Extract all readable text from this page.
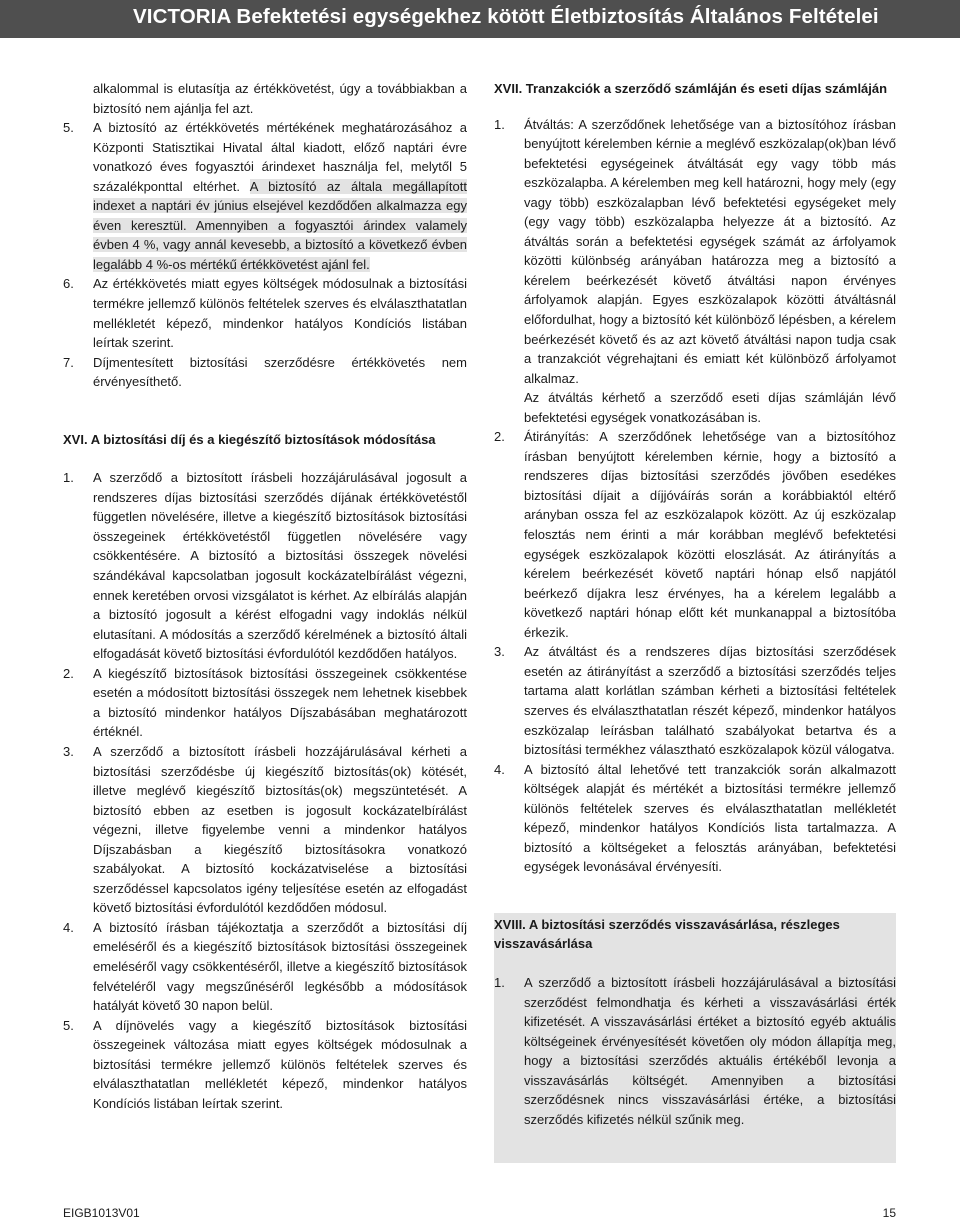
VICTORIA Befektetési egységekhez kötött Életbiztosítás Általános Feltételei
alkalommal is elutasítja az értékkövetést, úgy a továbbiakban a biztosító nem ajánlja fel azt.
5.	A biztosító az értékkövetés mértékének meghatározásához a Központi Statisztikai Hivatal által kiadott, előző naptári évre vonatkozó éves fogyasztói árindexet használja fel, melytől 5 százalékponttal eltérhet. A biztosító az általa megállapított indexet a naptári év június elsejével kezdődően alkalmazza egy éven keresztül. Amennyiben a fogyasztói árindex valamely évben 4 %, vagy annál kevesebb, a biztosító a következő évben legalább 4 %-os mértékű értékkövetést ajánl fel.
6.	Az értékkövetés miatt egyes költségek módosulnak a biztosítási termékre jellemző különös feltételek szerves és elválaszthatatlan mellékletét képező, mindenkor hatályos Kondíciós listában leírtak szerint.
7.	Díjmentesített biztosítási szerződésre értékkövetés nem érvényesíthető.
XVI. A biztosítási díj és a kiegészítő biztosítások módosítása
1.	A szerződő a biztosított írásbeli hozzájárulásával jogosult a rendszeres díjas biztosítási szerződés díjának értékkövetéstől független növelésére, illetve a kiegészítő biztosítások biztosítási összegeinek értékkövetéstől független növelésére vagy csökkentésére. A biztosító a biztosítási összegek növelési szándékával kapcsolatban jogosult kockázatelbírálást végezni, ennek keretében orvosi vizsgálatot is kérhet. Az elbírálás alapján a biztosító jogosult a kérést elfogadni vagy indoklás nélkül elutasítani. A módosítás a szerződő kérelmének a biztosító általi elfogadását követő biztosítási évfordulótól kezdődően hatályos.
2.	A kiegészítő biztosítások biztosítási összegeinek csökkentése esetén a módosított biztosítási összegek nem lehetnek kisebbek a biztosító mindenkor hatályos Díjszabásában meghatározott értéknél.
3.	A szerződő a biztosított írásbeli hozzájárulásával kérheti a biztosítási szerződésbe új kiegészítő biztosítás(ok) kötését, illetve meglévő kiegészítő biztosítás(ok) megszüntetését. A biztosító ebben az esetben is jogosult kockázatelbírálást végezni, illetve figyelembe venni a mindenkor hatályos Díjszabásban a kiegészítő biztosításokra vonatkozó szabályokat. A biztosító kockázatviselése a biztosítási szerződéssel kapcsolatos igény teljesítése esetén az elfogadást követő biztosítási évfordulótól kezdődően módosul.
4.	A biztosító írásban tájékoztatja a szerződőt a biztosítási díj emeléséről és a kiegészítő biztosítások biztosítási összegeinek emeléséről vagy csökkentéséről, illetve a kiegészítő biztosítások felvételéről vagy megszűnéséről legkésőbb a módosítások hatályát követő 30 napon belül.
5.	A díjnövelés vagy a kiegészítő biztosítások biztosítási összegeinek változása miatt egyes költségek módosulnak a biztosítási termékre jellemző különös feltételek szerves és elválaszthatatlan mellékletét képező, mindenkor hatályos Kondíciós listában leírtak szerint.
XVII. Tranzakciók a szerződő számláján és eseti díjas számláján
1.	Átváltás: A szerződőnek lehetősége van a biztosítóhoz írásban benyújtott kérelemben kérnie a meglévő eszközalap(ok)ban lévő befektetési egységeinek átváltását egy vagy több más eszközalapba. A kérelemben meg kell határozni, hogy mely (egy vagy több) eszközalapban lévő befektetési egységeket mely (egy vagy több) eszközalapba helyezze át a biztosító. Az átváltás során a befektetési egységek számát az árfolyamok közötti különbség arányában határozza meg a biztosító a kérelem beérkezését követő átváltási napon érvényes árfolyamok alapján. Egyes eszközalapok közötti átváltásnál előfordulhat, hogy a biztosító két különböző lépésben, a kérelem beérkezését követő és az azt követő átváltási napon tudja csak a tranzakciót végrehajtani és emiatt két különböző árfolyamot alkalmaz.
Az átváltás kérhető a szerződő eseti díjas számláján lévő befektetési egységek vonatkozásában is.
2.	Átirányítás: A szerződőnek lehetősége van a biztosítóhoz írásban benyújtott kérelemben kérnie, hogy a biztosító a rendszeres díjas biztosítási szerződés jövőben esedékes biztosítási díjait a díjjóváírás során a korábbiaktól eltérő arányban ossza fel az eszközalapok között. Az új eszközalap felosztás nem érinti a már korábban meglévő befektetési egységek eszközalapok közötti eloszlását. Az átirányítás a kérelem beérkezését követő naptári hónap első napjától beérkező díjakra lesz érvényes, ha a kérelem legalább a következő naptári hónap előtt két munkanappal a biztosítóba érkezik.
3.	Az átváltást és a rendszeres díjas biztosítási szerződések esetén az átirányítást a szerződő a biztosítási szerződés teljes tartama alatt korlátlan számban kérheti a biztosítási feltételek szerves és elválaszthatatlan részét képező, mindenkor hatályos eszközalap leírásban található szabályokat betartva és a biztosítási termékhez választható eszközalapok közül válogatva.
4.	A biztosító által lehetővé tett tranzakciók során alkalmazott költségek alapját és mértékét a biztosítási termékre jellemző különös feltételek szerves és elválaszthatatlan mellékletét képező, mindenkor hatályos Kondíciós lista tartalmazza. A biztosító a költségeket a felosztás arányában, befektetési egységek levonásával érvényesíti.
XVIII. A biztosítási szerződés visszavásárlása, részleges visszavásárlása
1.	A szerződő a biztosított írásbeli hozzájárulásával a biztosítási szerződést felmondhatja és kérheti a visszavásárlási érték kifizetését. A visszavásárlási értéket a biztosító egyéb aktuális költségeinek érvényesítését követően oly módon állapítja meg, hogy a biztosítási szerződés aktuális értékéből levonja a visszavásárlás költségét. Amennyiben a biztosítási szerződésnek nincs visszavásárlási értéke, a biztosítási szerződés kifizetés nélkül szűnik meg.
EIGB1013V01	15
